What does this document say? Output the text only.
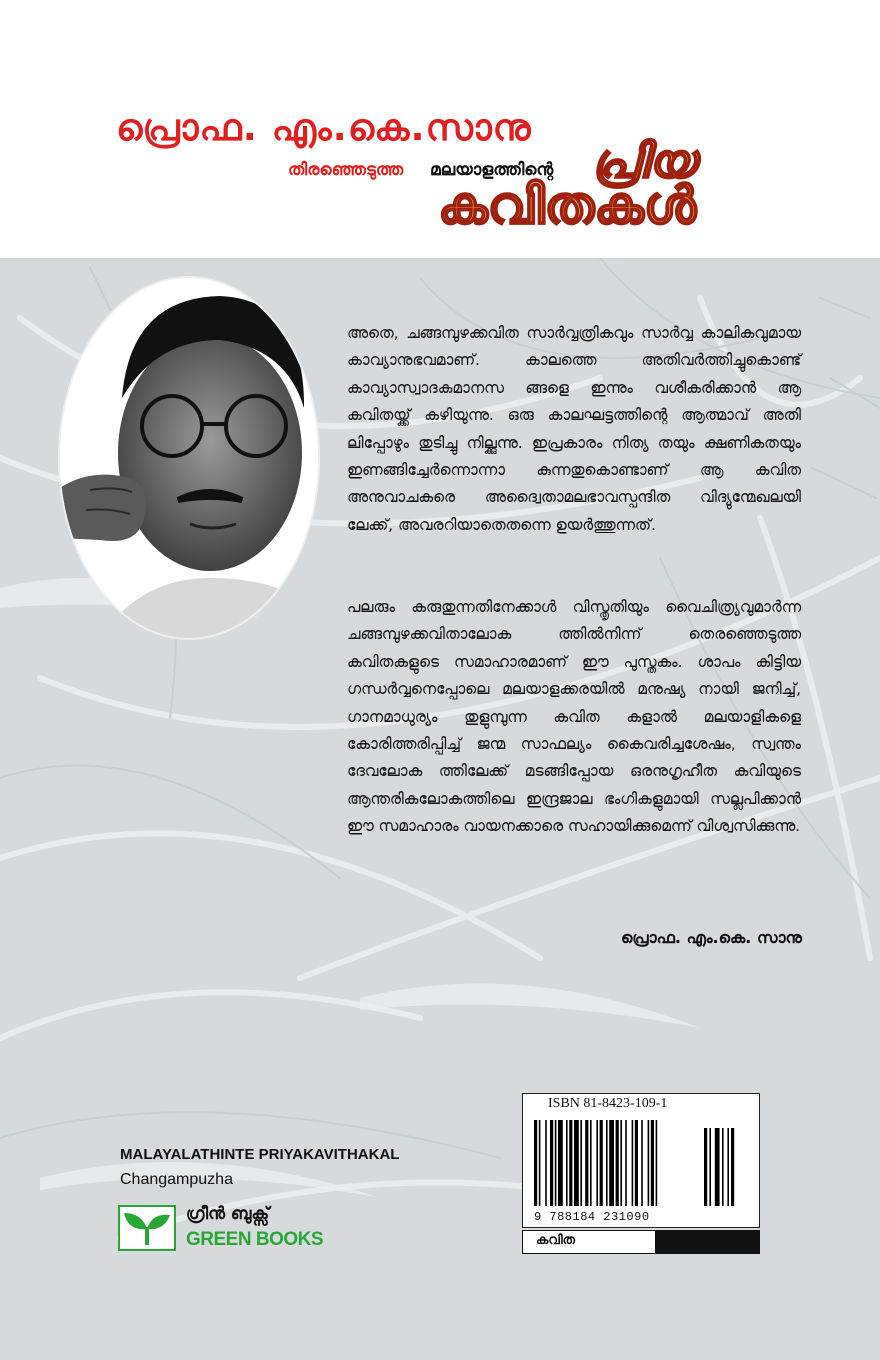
പ്രൊഫ. എം.കെ.സാനു
തിരഞ്ഞെടുത്ത മലയാളത്തിന്റെ പ്രിയ
കവിതകൾ

അതെ, ചങ്ങമ്പുഴക്കവിത സാർവ്വത്രികവും സാർവ്വ കാലികവുമായ കാവ്യാനുഭവമാണ്. കാലത്തെ അതിവർത്തിച്ചുകൊണ്ട് കാവ്യാസ്വാദകമാനസ ങ്ങളെ ഇന്നും വശീകരിക്കാൻ ആ കവിതയ്ക്ക് കഴിയുന്നു. ഒരു കാലഘട്ടത്തിന്റെ ആത്മാവ് അതി ലിപ്പോഴും തുടിച്ചു നില്ക്കുന്നു. ഇപ്രകാരം നിത്യ തയും ക്ഷണികതയും ഇണങ്ങിച്ചേർന്നൊന്നാ കുന്നതുകൊണ്ടാണ് ആ കവിത അനുവാചകരെ അദ്വൈതാമലഭാവസ്പന്ദിത വിദ്യുന്മേഖലയി ലേക്ക്, അവരറിയാതെതന്നെ ഉയർത്തുന്നത്.

പലരും കരുതുന്നതിനേക്കാൾ വിസ്തൃതിയും വൈചിത്ര്യവുമാർന്ന ചങ്ങമ്പുഴക്കവിതാലോക ത്തിൽനിന്ന് തെരഞ്ഞെടുത്ത കവിതകളുടെ സമാഹാരമാണ് ഈ പുസ്തകം. ശാപം കിട്ടിയ ഗന്ധർവ്വനെപ്പോലെ മലയാളക്കരയിൽ മനുഷ്യ നായി ജനിച്ച്, ഗാനമാധുര്യം തുളുമ്പുന്ന കവിത കളാൽ മലയാളികളെ കോരിത്തരിപ്പിച്ച് ജന്മ സാഫല്യം കൈവരിച്ചശേഷം, സ്വന്തം ദേവലോക ത്തിലേക്ക് മടങ്ങിപ്പോയ ഒരനുഗൃഹീത കവിയുടെ ആന്തരികലോകത്തിലെ ഇന്ദ്രജാല ഭംഗികളുമായി സല്ലപിക്കാൻ ഈ സമാഹാരം വായനക്കാരെ സഹായിക്കുമെന്ന് വിശ്വസിക്കുന്നു.

പ്രൊഫ. എം.കെ. സാനു
ISBN 81-8423-109-1
9 788184 231090
കവിത
MALAYALATHINTE PRIYAKAVITHAKAL
Changampuzha
ഗ്രീൻ ബുക്സ്
GREEN BOOKS
